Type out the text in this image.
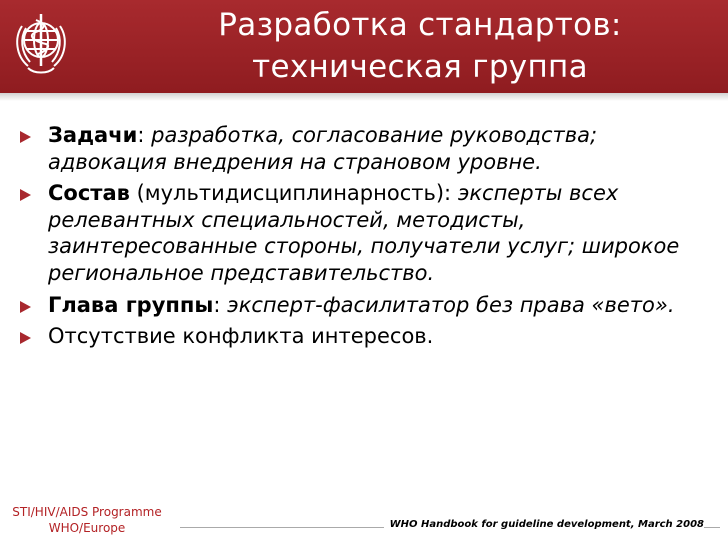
Разработка стандартов:
техническая группа
Задачи: разработка, согласование руководства; адвокация внедрения на страновом уровне.
Состав (мультидисциплинарность): эксперты всех релевантных специальностей, методисты, заинтересованные стороны, получатели услуг; широкое региональное представительство.
Глава группы: эксперт-фасилитатор без права «вето».
Отсутствие конфликта интересов.
STI/HIV/AIDS Programme
WHO/Europe	WHO Handbook for guideline development, March 2008
